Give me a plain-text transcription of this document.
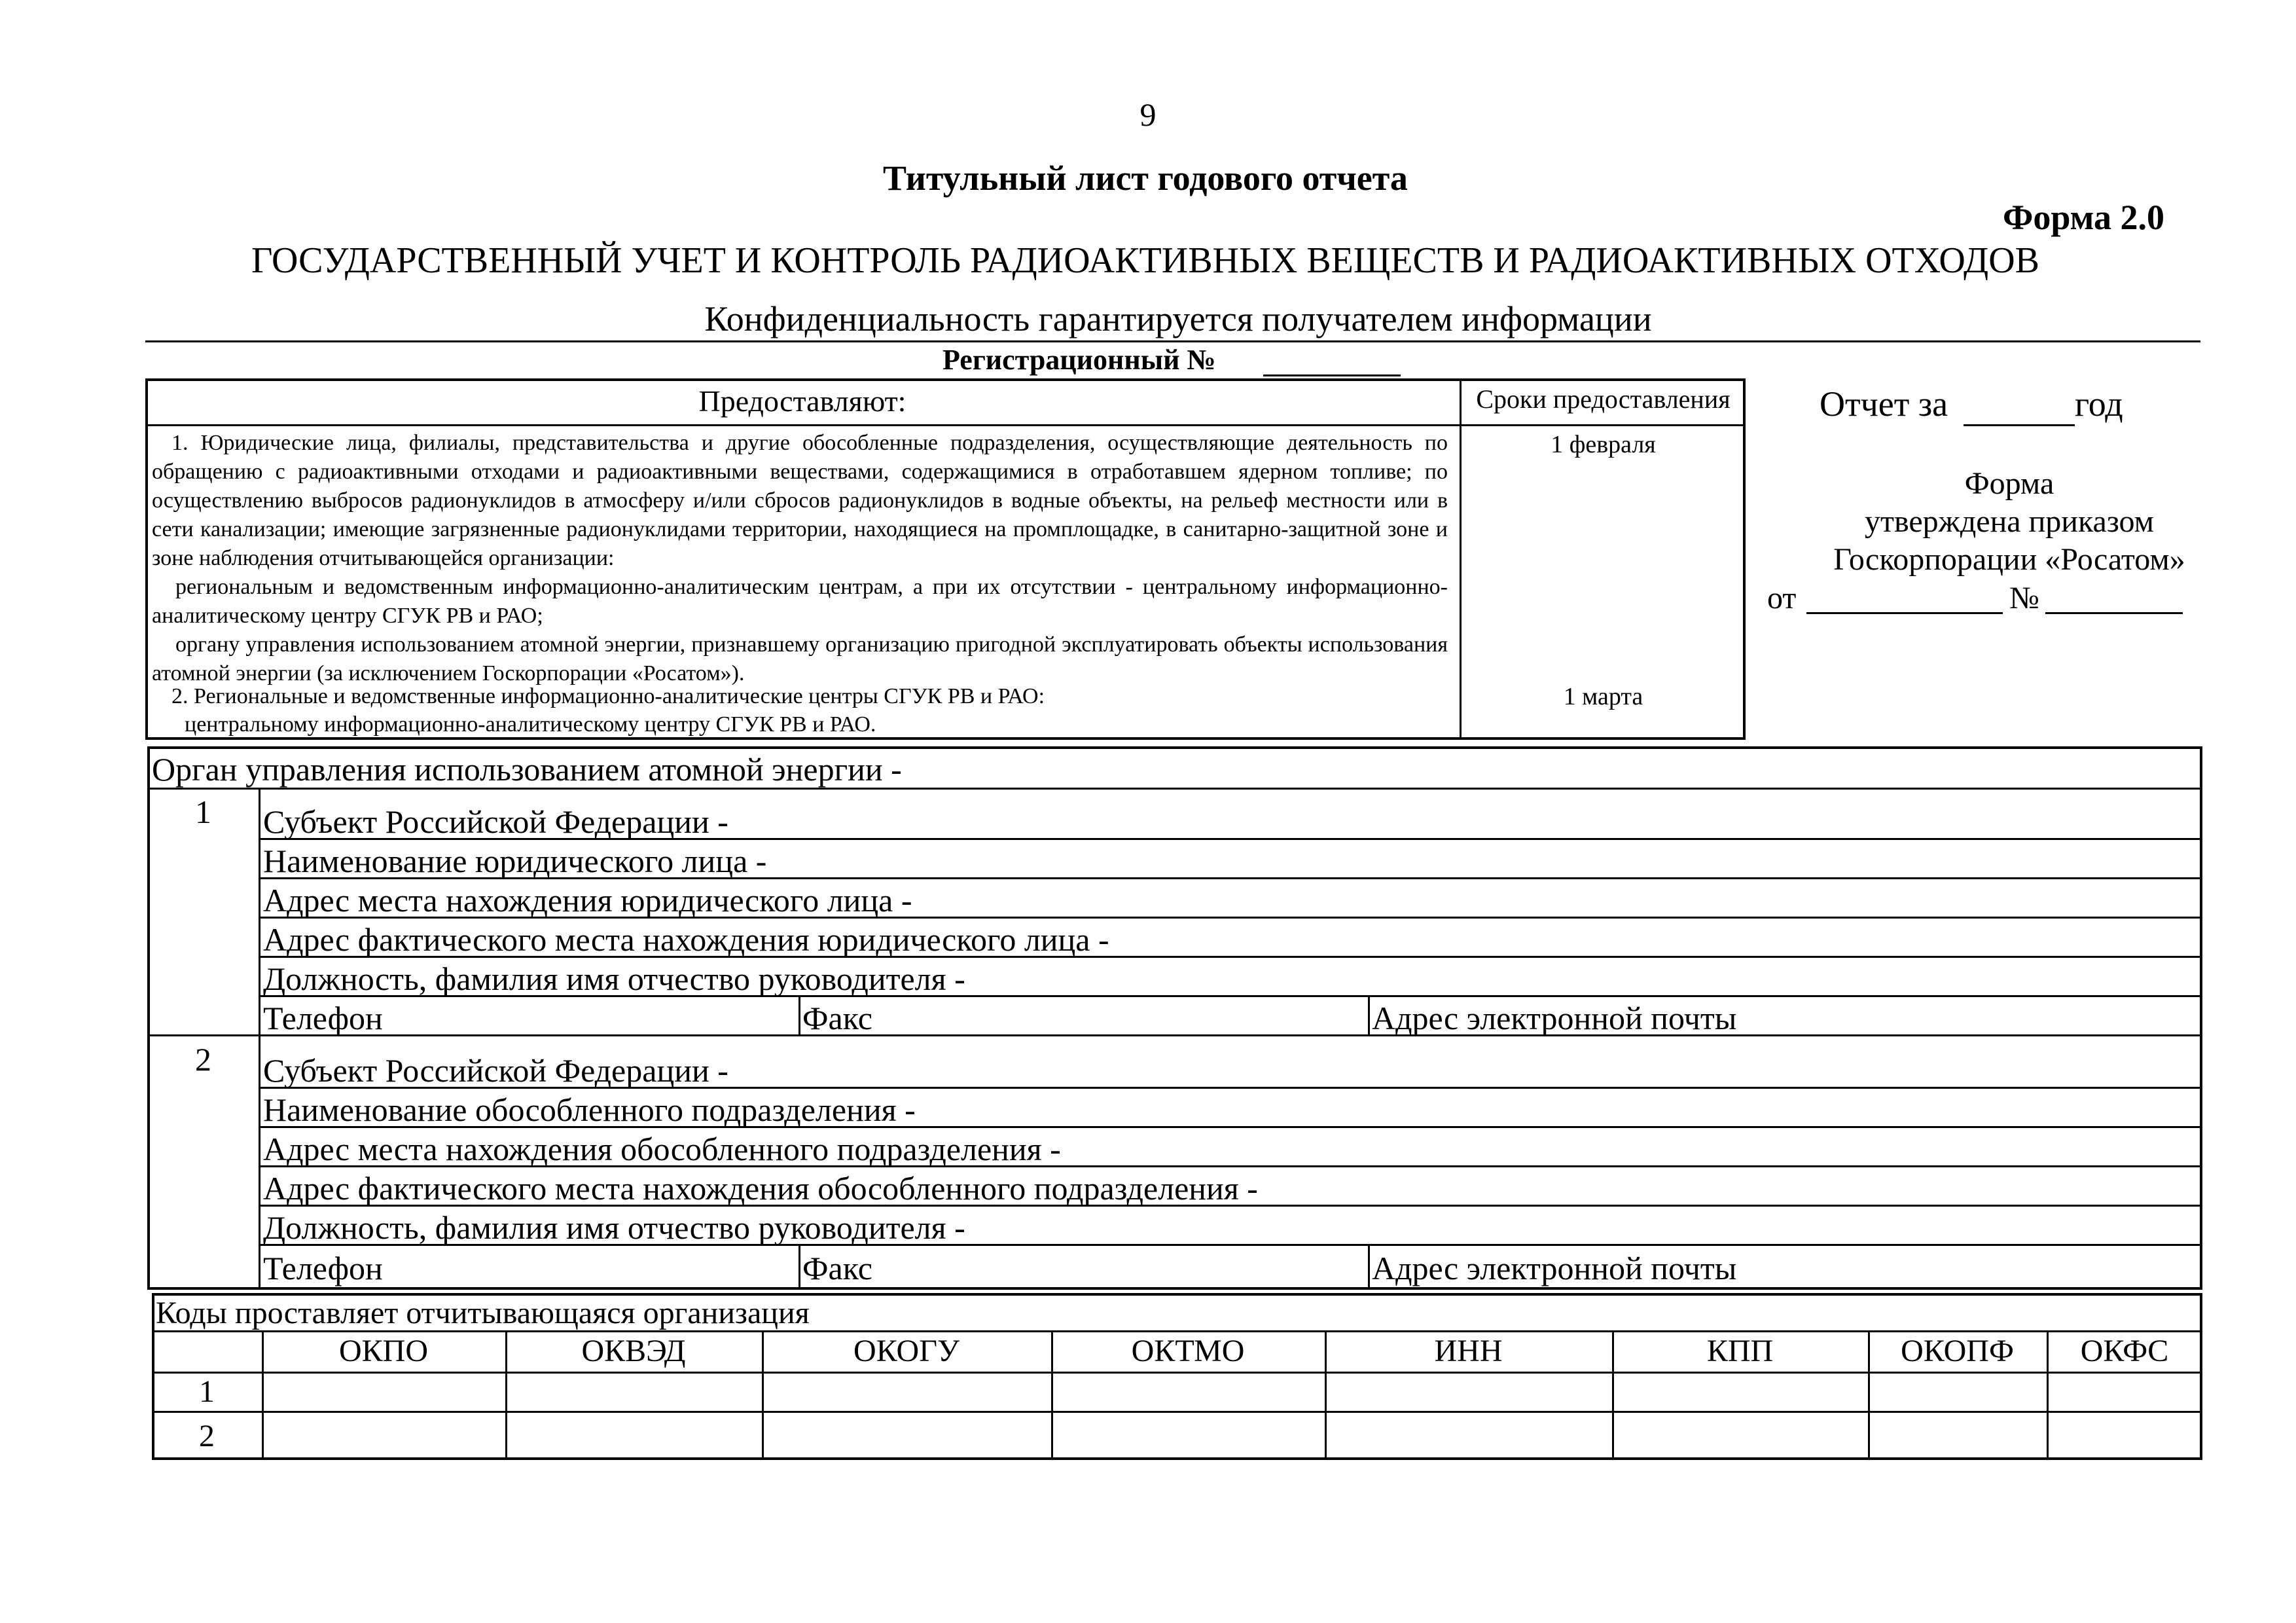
9
Титульный лист годового отчета
Форма 2.0
ГОСУДАРСТВЕННЫЙ УЧЕТ И КОНТРОЛЬ РАДИОАКТИВНЫХ ВЕЩЕСТВ И РАДИОАКТИВНЫХ ОТХОДОВ
Конфиденциальность гарантируется получателем информации
Регистрационный №
Предоставляют:	Сроки предоставления
1. Юридические лица, филиалы, представительства и другие обособленные подразделения, осуществляющие деятельность по обращению с радиоактивными отходами и радиоактивными веществами, содержащимися в отработавшем ядерном топливе; по осуществлению выбросов радионуклидов в атмосферу и/или сбросов радионуклидов в водные объекты, на рельеф местности или в сети канализации; имеющие загрязненные радионуклидами территории, находящиеся на промплощадке, в санитарно-защитной зоне и зоне наблюдения отчитывающейся организации:
региональным и ведомственным информационно-аналитическим центрам, а при их отсутствии - центральному информационно-аналитическому центру СГУК РВ и РАО;
органу управления использованием атомной энергии, признавшему организацию пригодной эксплуатировать объекты использования атомной энергии (за исключением Госкорпорации «Росатом»).
2. Региональные и ведомственные информационно-аналитические центры СГУК РВ и РАО:
центральному информационно-аналитическому центру СГУК РВ и РАО.
1 февраля
1 марта
Отчет за	год
Форма
утверждена приказом
Госкорпорации «Росатом»
от	№
Орган управления использованием атомной энергии -
1	Субъект Российской Федерации -
Наименование юридического лица -
Адрес места нахождения юридического лица -
Адрес фактического места нахождения юридического лица -
Должность, фамилия имя отчество руководителя -
Телефон	Факс	Адрес электронной почты
2	Субъект Российской Федерации -
Наименование обособленного подразделения -
Адрес места нахождения обособленного подразделения -
Адрес фактического места нахождения обособленного подразделения -
Должность, фамилия имя отчество руководителя -
Телефон	Факс	Адрес электронной почты
Коды проставляет отчитывающаяся организация
ОКПО	ОКВЭД	ОКОГУ	ОКТМО	ИНН	КПП	ОКОПФ	ОКФС
1
2
